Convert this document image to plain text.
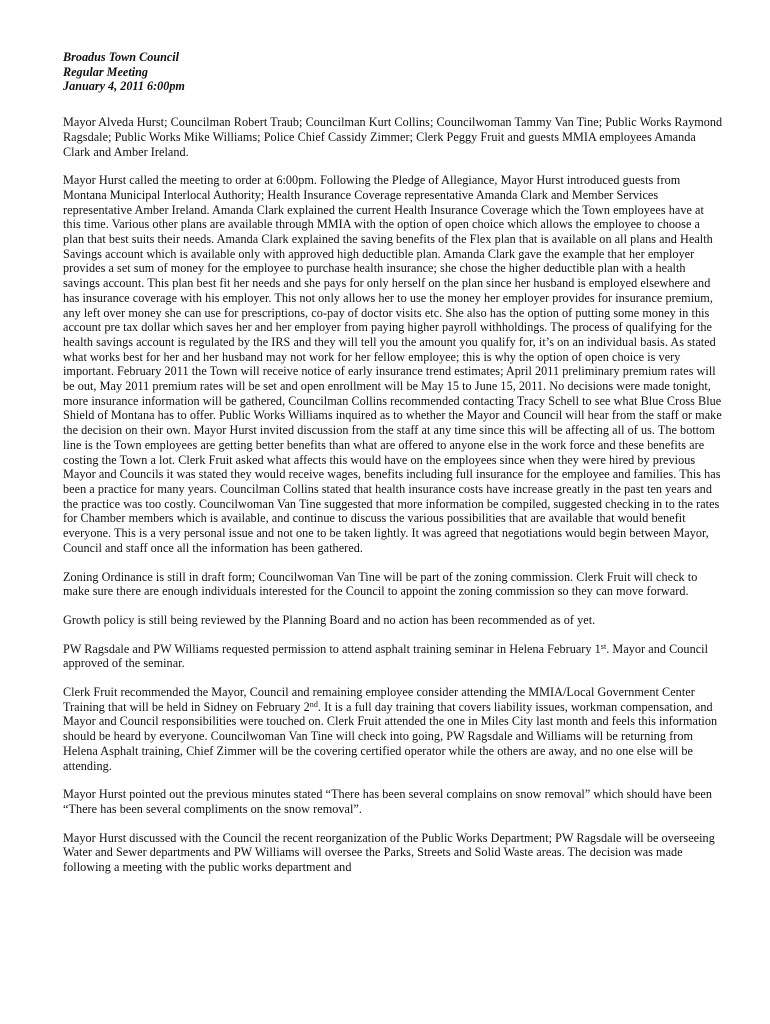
Broadus Town Council
Regular Meeting
January 4, 2011 6:00pm

Mayor Alveda Hurst; Councilman Robert Traub; Councilman Kurt Collins; Councilwoman Tammy Van Tine; Public Works Raymond Ragsdale; Public Works Mike Williams; Police Chief Cassidy Zimmer; Clerk Peggy Fruit and guests MMIA employees Amanda Clark and Amber Ireland.

Mayor Hurst called the meeting to order at 6:00pm. Following the Pledge of Allegiance, Mayor Hurst introduced guests from Montana Municipal Interlocal Authority; Health Insurance Coverage representative Amanda Clark and Member Services representative Amber Ireland. Amanda Clark explained the current Health Insurance Coverage which the Town employees have at this time. Various other plans are available through MMIA with the option of open choice which allows the employee to choose a plan that best suits their needs. Amanda Clark explained the saving benefits of the Flex plan that is available on all plans and Health Savings account which is available only with approved high deductible plan. Amanda Clark gave the example that her employer provides a set sum of money for the employee to purchase health insurance; she chose the higher deductible plan with a health savings account. This plan best fit her needs and she pays for only herself on the plan since her husband is employed elsewhere and has insurance coverage with his employer. This not only allows her to use the money her employer provides for insurance premium, any left over money she can use for prescriptions, co-pay of doctor visits etc. She also has the option of putting some money in this account pre tax dollar which saves her and her employer from paying higher payroll withholdings. The process of qualifying for the health savings account is regulated by the IRS and they will tell you the amount you qualify for, it’s on an individual basis. As stated what works best for her and her husband may not work for her fellow employee; this is why the option of open choice is very important. February 2011 the Town will receive notice of early insurance trend estimates; April 2011 preliminary premium rates will be out, May 2011 premium rates will be set and open enrollment will be May 15 to June 15, 2011. No decisions were made tonight, more insurance information will be gathered, Councilman Collins recommended contacting Tracy Schell to see what Blue Cross Blue Shield of Montana has to offer. Public Works Williams inquired as to whether the Mayor and Council will hear from the staff or make the decision on their own. Mayor Hurst invited discussion from the staff at any time since this will be affecting all of us. The bottom line is the Town employees are getting better benefits than what are offered to anyone else in the work force and these benefits are costing the Town a lot. Clerk Fruit asked what affects this would have on the employees since when they were hired by previous Mayor and Councils it was stated they would receive wages, benefits including full insurance for the employee and families. This has been a practice for many years. Councilman Collins stated that health insurance costs have increase greatly in the past ten years and the practice was too costly. Councilwoman Van Tine suggested that more information be compiled, suggested checking in to the rates for Chamber members which is available, and continue to discuss the various possibilities that are available that would benefit everyone. This is a very personal issue and not one to be taken lightly. It was agreed that negotiations would begin between Mayor, Council and staff once all the information has been gathered.

Zoning Ordinance is still in draft form; Councilwoman Van Tine will be part of the zoning commission. Clerk Fruit will check to make sure there are enough individuals interested for the Council to appoint the zoning commission so they can move forward.

Growth policy is still being reviewed by the Planning Board and no action has been recommended as of yet.

PW Ragsdale and PW Williams requested permission to attend asphalt training seminar in Helena February 1st. Mayor and Council approved of the seminar.

Clerk Fruit recommended the Mayor, Council and remaining employee consider attending the MMIA/Local Government Center Training that will be held in Sidney on February 2nd. It is a full day training that covers liability issues, workman compensation, and Mayor and Council responsibilities were touched on. Clerk Fruit attended the one in Miles City last month and feels this information should be heard by everyone. Councilwoman Van Tine will check into going, PW Ragsdale and Williams will be returning from Helena Asphalt training, Chief Zimmer will be the covering certified operator while the others are away, and no one else will be attending.

Mayor Hurst pointed out the previous minutes stated “There has been several complains on snow removal” which should have been “There has been several compliments on the snow removal”.

Mayor Hurst discussed with the Council the recent reorganization of the Public Works Department; PW Ragsdale will be overseeing Water and Sewer departments and PW Williams will oversee the Parks, Streets and Solid Waste areas. The decision was made following a meeting with the public works department and
